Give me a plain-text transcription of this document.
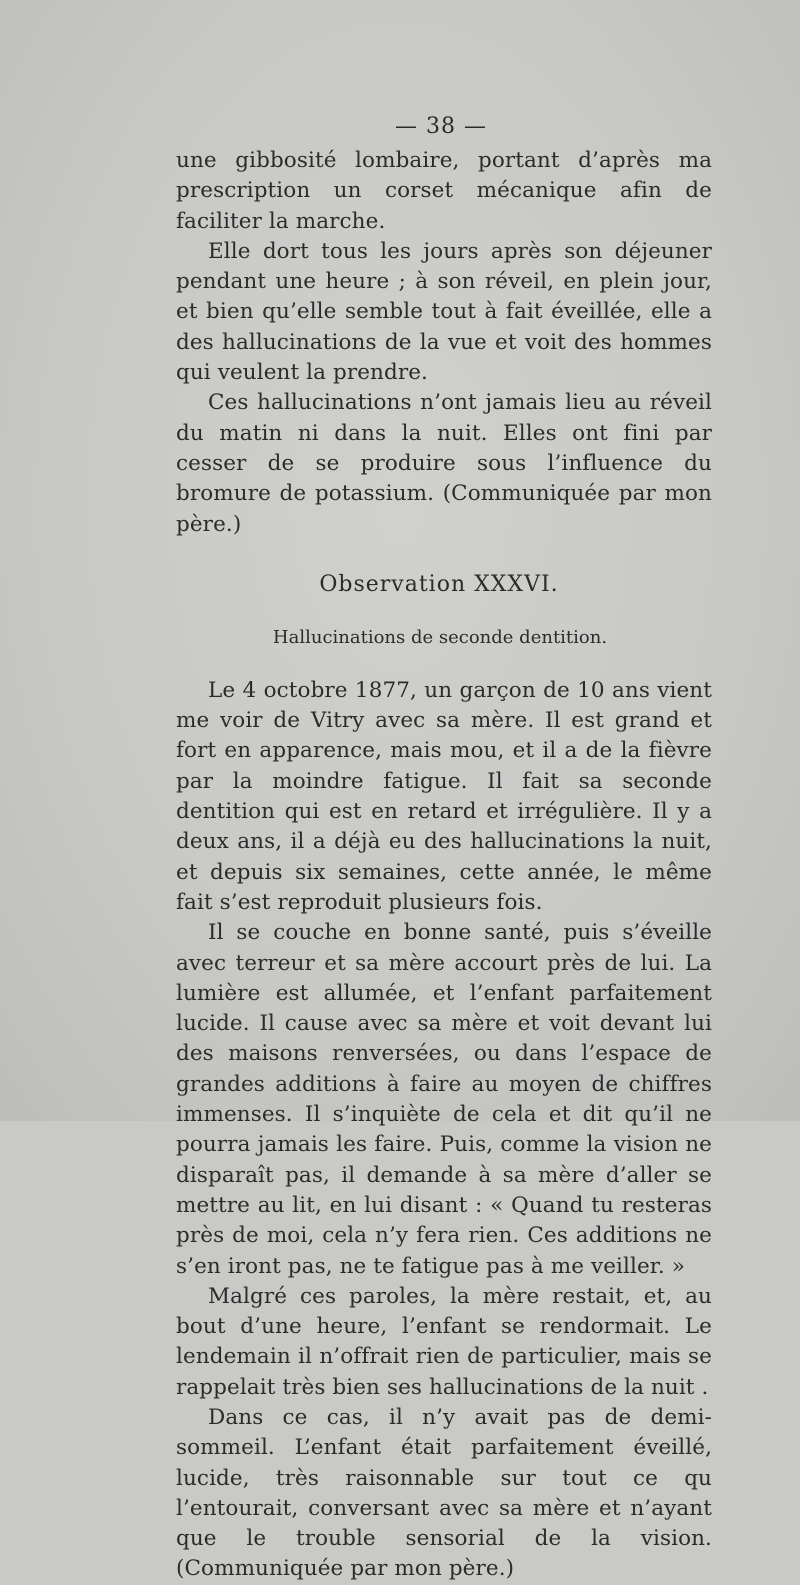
— 38 —

une gibbosité lombaire, portant d’après ma prescription un corset mécanique afin de faciliter la marche.

Elle dort tous les jours après son déjeuner pendant une heure ; à son réveil, en plein jour, et bien qu’elle semble tout à fait éveillée, elle a des hallucinations de la vue et voit des hommes qui veulent la prendre.

Ces hallucinations n’ont jamais lieu au réveil du matin ni dans la nuit. Elles ont fini par cesser de se produire sous l’influence du bromure de potassium. (Communiquée par mon père.)

Observation XXXVI.
Hallucinations de seconde dentition.

Le 4 octobre 1877, un garçon de 10 ans vient me voir de Vitry avec sa mère. Il est grand et fort en apparence, mais mou, et il a de la fièvre par la moindre fatigue. Il fait sa seconde dentition qui est en retard et irrégulière. Il y a deux ans, il a déjà eu des hallucinations la nuit, et depuis six semaines, cette année, le même fait s’est reproduit plusieurs fois.

Il se couche en bonne santé, puis s’éveille avec terreur et sa mère accourt près de lui. La lumière est allumée, et l’enfant parfaitement lucide. Il cause avec sa mère et voit devant lui des maisons renversées, ou dans l’espace de grandes additions à faire au moyen de chiffres immenses. Il s’inquiète de cela et dit qu’il ne pourra jamais les faire. Puis, comme la vision ne disparaît pas, il demande à sa mère d’aller se mettre au lit, en lui disant : « Quand tu resteras près de moi, cela n’y fera rien. Ces additions ne s’en iront pas, ne te fatigue pas à me veiller. »

Malgré ces paroles, la mère restait, et, au bout d’une heure, l’enfant se rendormait. Le lendemain il n’offrait rien de particulier, mais se rappelait très bien ses hallucinations de la nuit .

Dans ce cas, il n’y avait pas de demi-sommeil. L’enfant était parfaitement éveillé, lucide, très raisonnable sur tout ce qu l’entourait, conversant avec sa mère et n’ayant que le trouble sensorial de la vision. (Communiquée par mon père.)
